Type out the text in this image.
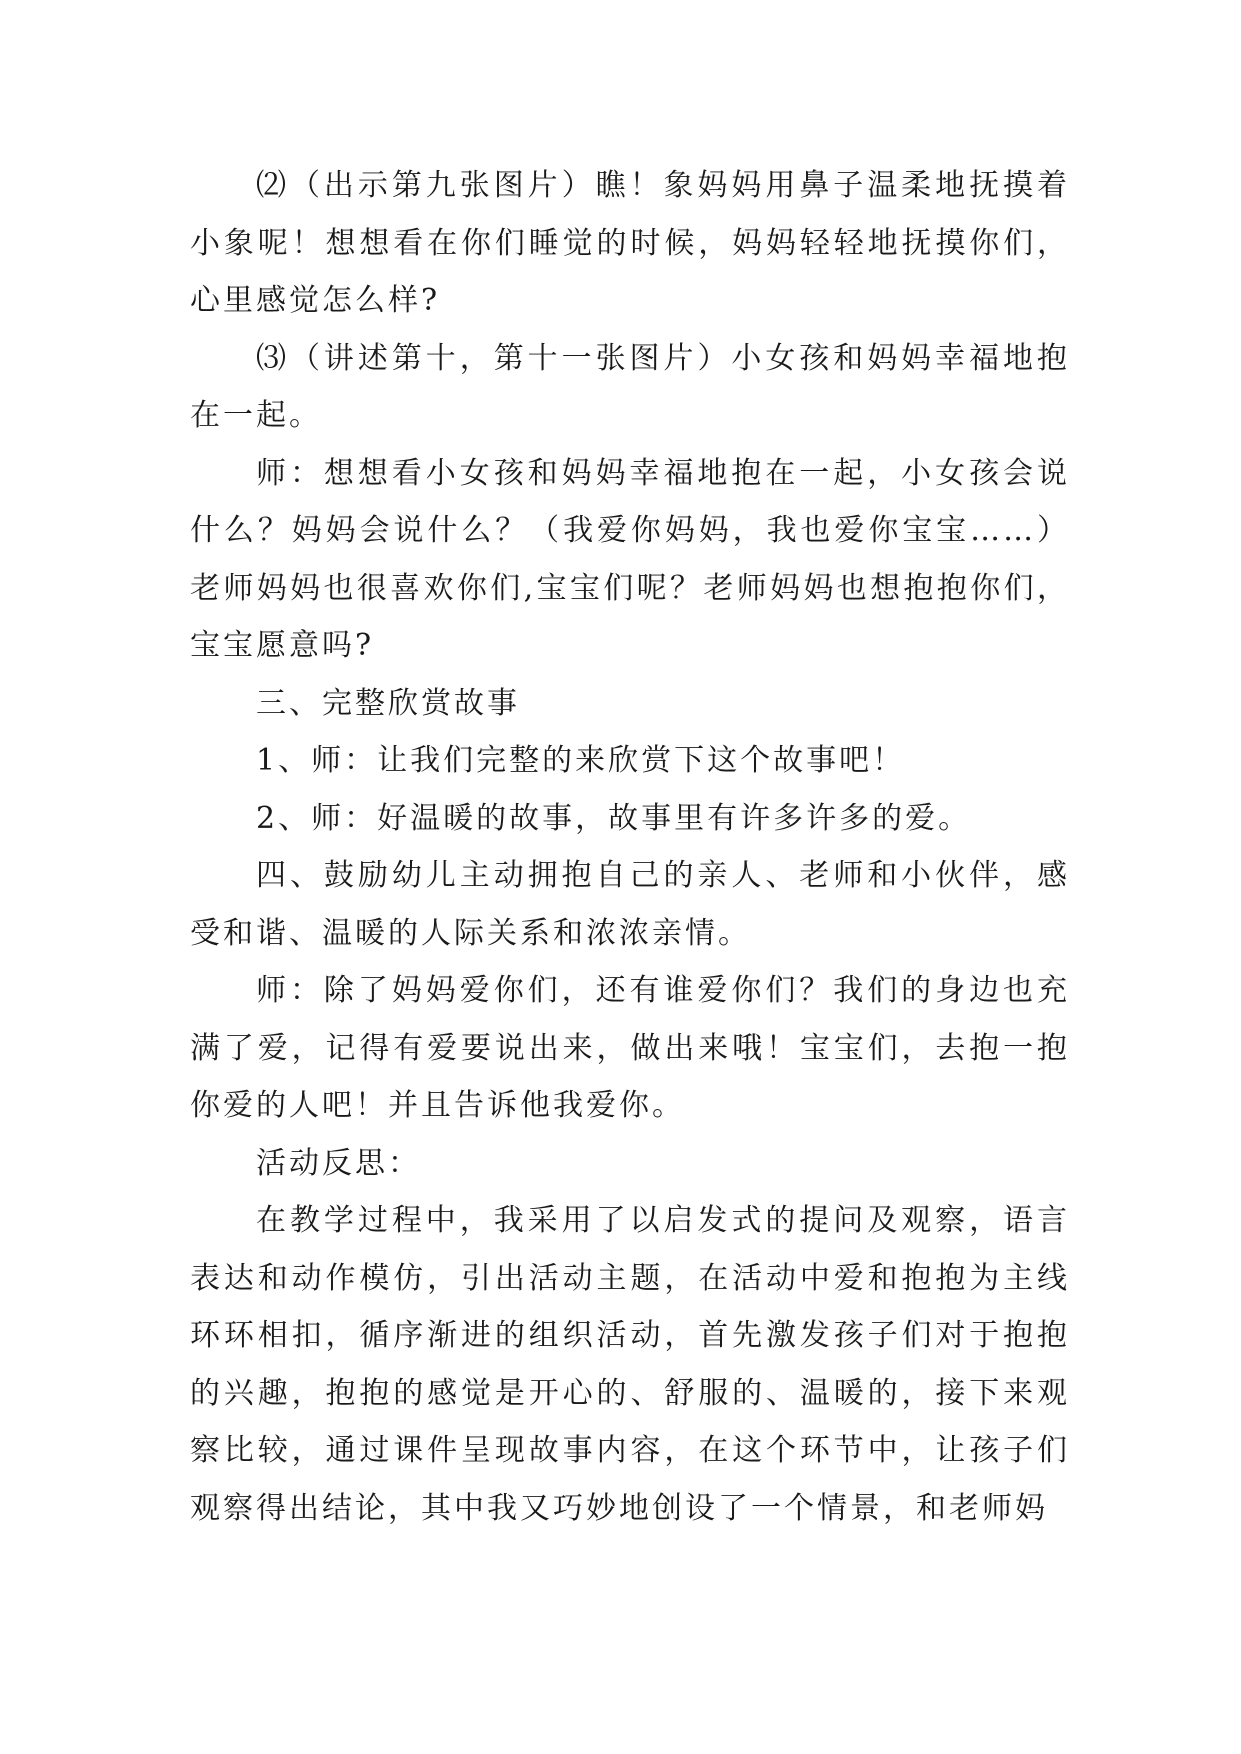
⑵（出示第九张图片）瞧！象妈妈用鼻子温柔地抚摸着小象呢！想想看在你们睡觉的时候，妈妈轻轻地抚摸你们，心里感觉怎么样?

⑶（讲述第十，第十一张图片）小女孩和妈妈幸福地抱在一起。

师：想想看小女孩和妈妈幸福地抱在一起，小女孩会说什么？妈妈会说什么？（我爱你妈妈，我也爱你宝宝……）老师妈妈也很喜欢你们,宝宝们呢？老师妈妈也想抱抱你们，宝宝愿意吗?

三、完整欣赏故事

1、师：让我们完整的来欣赏下这个故事吧！

2、师：好温暖的故事，故事里有许多许多的爱。

四、鼓励幼儿主动拥抱自己的亲人、老师和小伙伴，感受和谐、温暖的人际关系和浓浓亲情。

师：除了妈妈爱你们，还有谁爱你们？我们的身边也充满了爱，记得有爱要说出来，做出来哦！宝宝们，去抱一抱你爱的人吧！并且告诉他我爱你。

活动反思：

在教学过程中，我采用了以启发式的提问及观察，语言表达和动作模仿，引出活动主题，在活动中爱和抱抱为主线环环相扣，循序渐进的组织活动，首先激发孩子们对于抱抱的兴趣，抱抱的感觉是开心的、舒服的、温暖的，接下来观察比较，通过课件呈现故事内容，在这个环节中，让孩子们观察得出结论，其中我又巧妙地创设了一个情景，和老师妈
